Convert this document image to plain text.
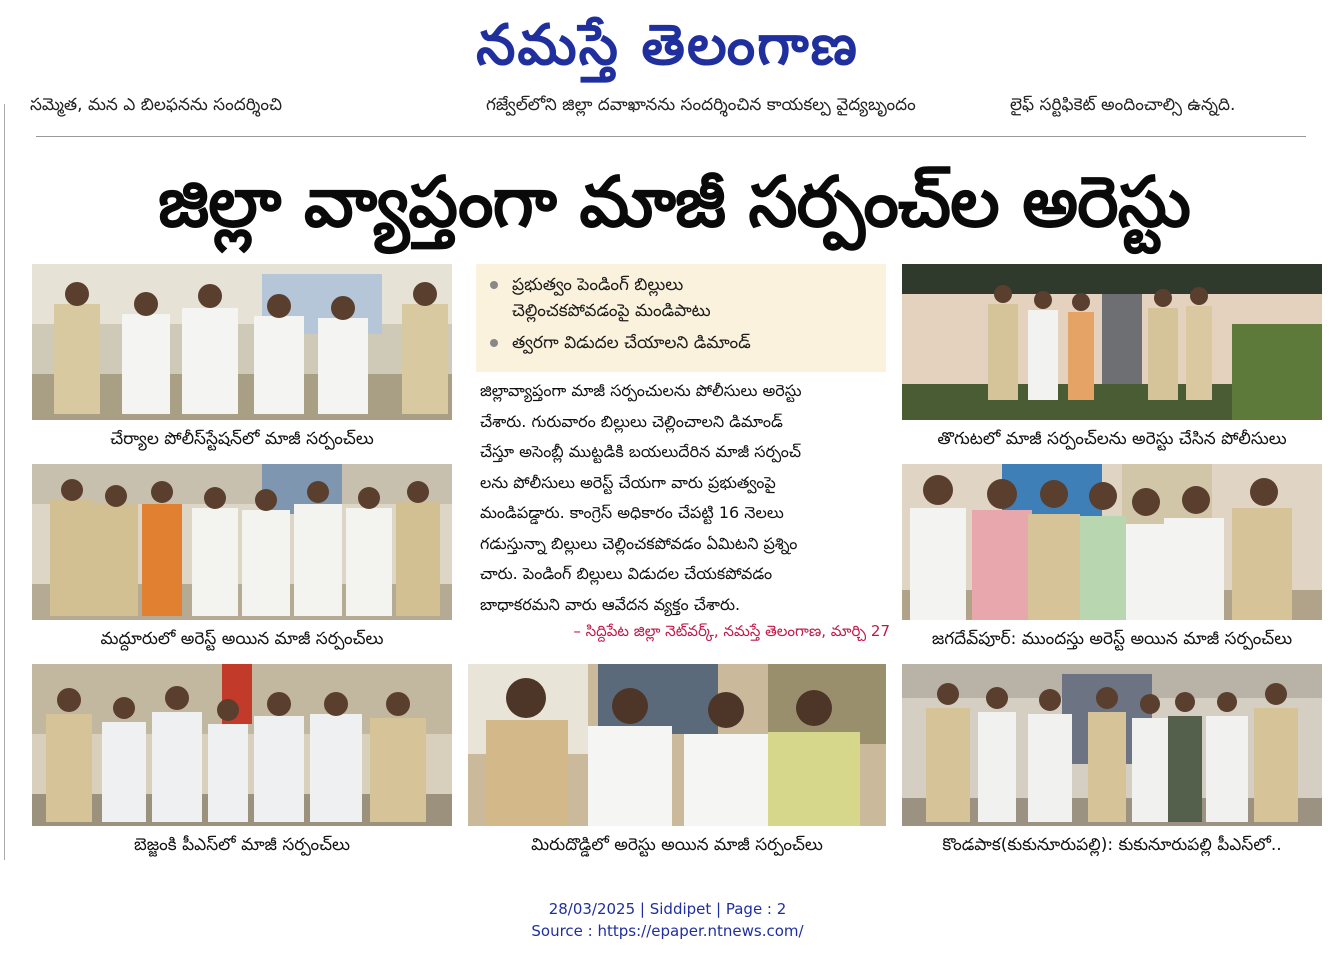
నమస్తే తెలంగాణ
సమ్మెత, మన ఎ బిలఫ‌నను సందర్శించి	గజ్వేల్‌లోని జిల్లా దవాఖానను సందర్శించిన కాయకల్ప వైద్యబృందం	లైఫ్ సర్టిఫికెట్ అందించాల్సి ఉన్నది.
జిల్లా వ్యాప్తంగా మాజీ సర్పంచ్‌ల అరెస్టు
చేర్యాల పోలీస్‌స్టేషన్‌లో మాజీ సర్పంచ్‌లు
మద్దూరులో అరెస్ట్ అయిన మాజీ సర్పంచ్‌లు
బెజ్జంకి పీఎస్‌లో మాజీ సర్పంచ్‌లు
ప్రభుత్వం పెండింగ్ బిల్లులు
చెల్లించకపోవడంపై మండిపాటు
త్వరగా విడుదల చేయాలని డిమాండ్
జిల్లావ్యాప్తంగా మాజీ సర్పంచులను పోలీసులు అరెస్టు
చేశారు. గురువారం బిల్లులు చెల్లించాలని డిమాండ్
చేస్తూ అసెంబ్లీ ముట్టడికి బయలుదేరిన మాజీ సర్పంచ్
లను పోలీసులు అరెస్ట్ చేయగా వారు ప్రభుత్వంపై
మండిపడ్డారు. కాంగ్రెస్ అధికారం చేపట్టి 16 నెలలు
గడుస్తున్నా బిల్లులు చెల్లించకపోవడం ఏమిటని ప్రశ్నిం
చారు. పెండింగ్ బిల్లులు విడుదల చేయకపోవడం
బాధాకరమని వారు ఆవేదన వ్యక్తం చేశారు.
– సిద్దిపేట జిల్లా నెట్‌వర్క్, నమస్తే తెలంగాణ, మార్చి 27
మిరుదొడ్డిలో అరెస్టు అయిన మాజీ సర్పంచ్‌లు
తొగుటలో మాజీ సర్పంచ్‌లను అరెస్టు చేసిన పోలీసులు
జగదేవ్‌పూర్: ముందస్తు అరెస్ట్ అయిన మాజీ సర్పంచ్‌లు
కొండపాక(కుకునూరుపల్లి): కుకునూరుపల్లి పీఎస్‌లో..
28/03/2025 | Siddipet | Page : 2
Source : https://epaper.ntnews.com/
